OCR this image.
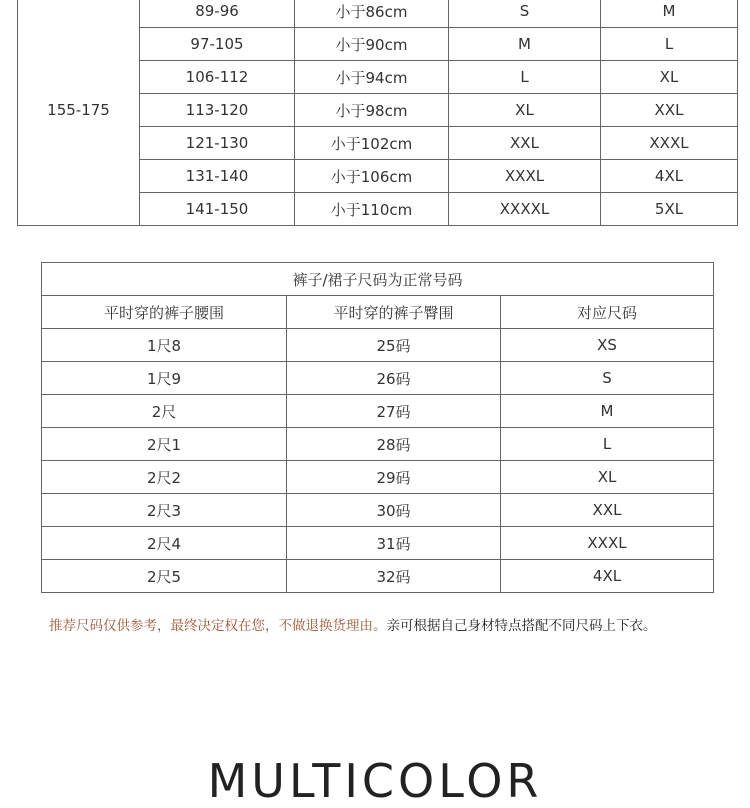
155-175	89-96	小于86cm	S	M
	97-105	小于90cm	M	L
	106-112	小于94cm	L	XL
	113-120	小于98cm	XL	XXL
	121-130	小于102cm	XXL	XXXL
	131-140	小于106cm	XXXL	4XL
	141-150	小于110cm	XXXXL	5XL
裤子/裙子尺码为正常号码		
平时穿的裤子腰围	平时穿的裤子臀围	对应尺码
1尺8	25码	XS
1尺9	26码	S
2尺	27码	M
2尺1	28码	L
2尺2	29码	XL
2尺3	30码	XXL
2尺4	31码	XXXL
2尺5	32码	4XL
推荐尺码仅供参考，最终决定权在您，不做退换货理由。亲可根据自己身材特点搭配不同尺码上下衣。
MULTICOLOR
